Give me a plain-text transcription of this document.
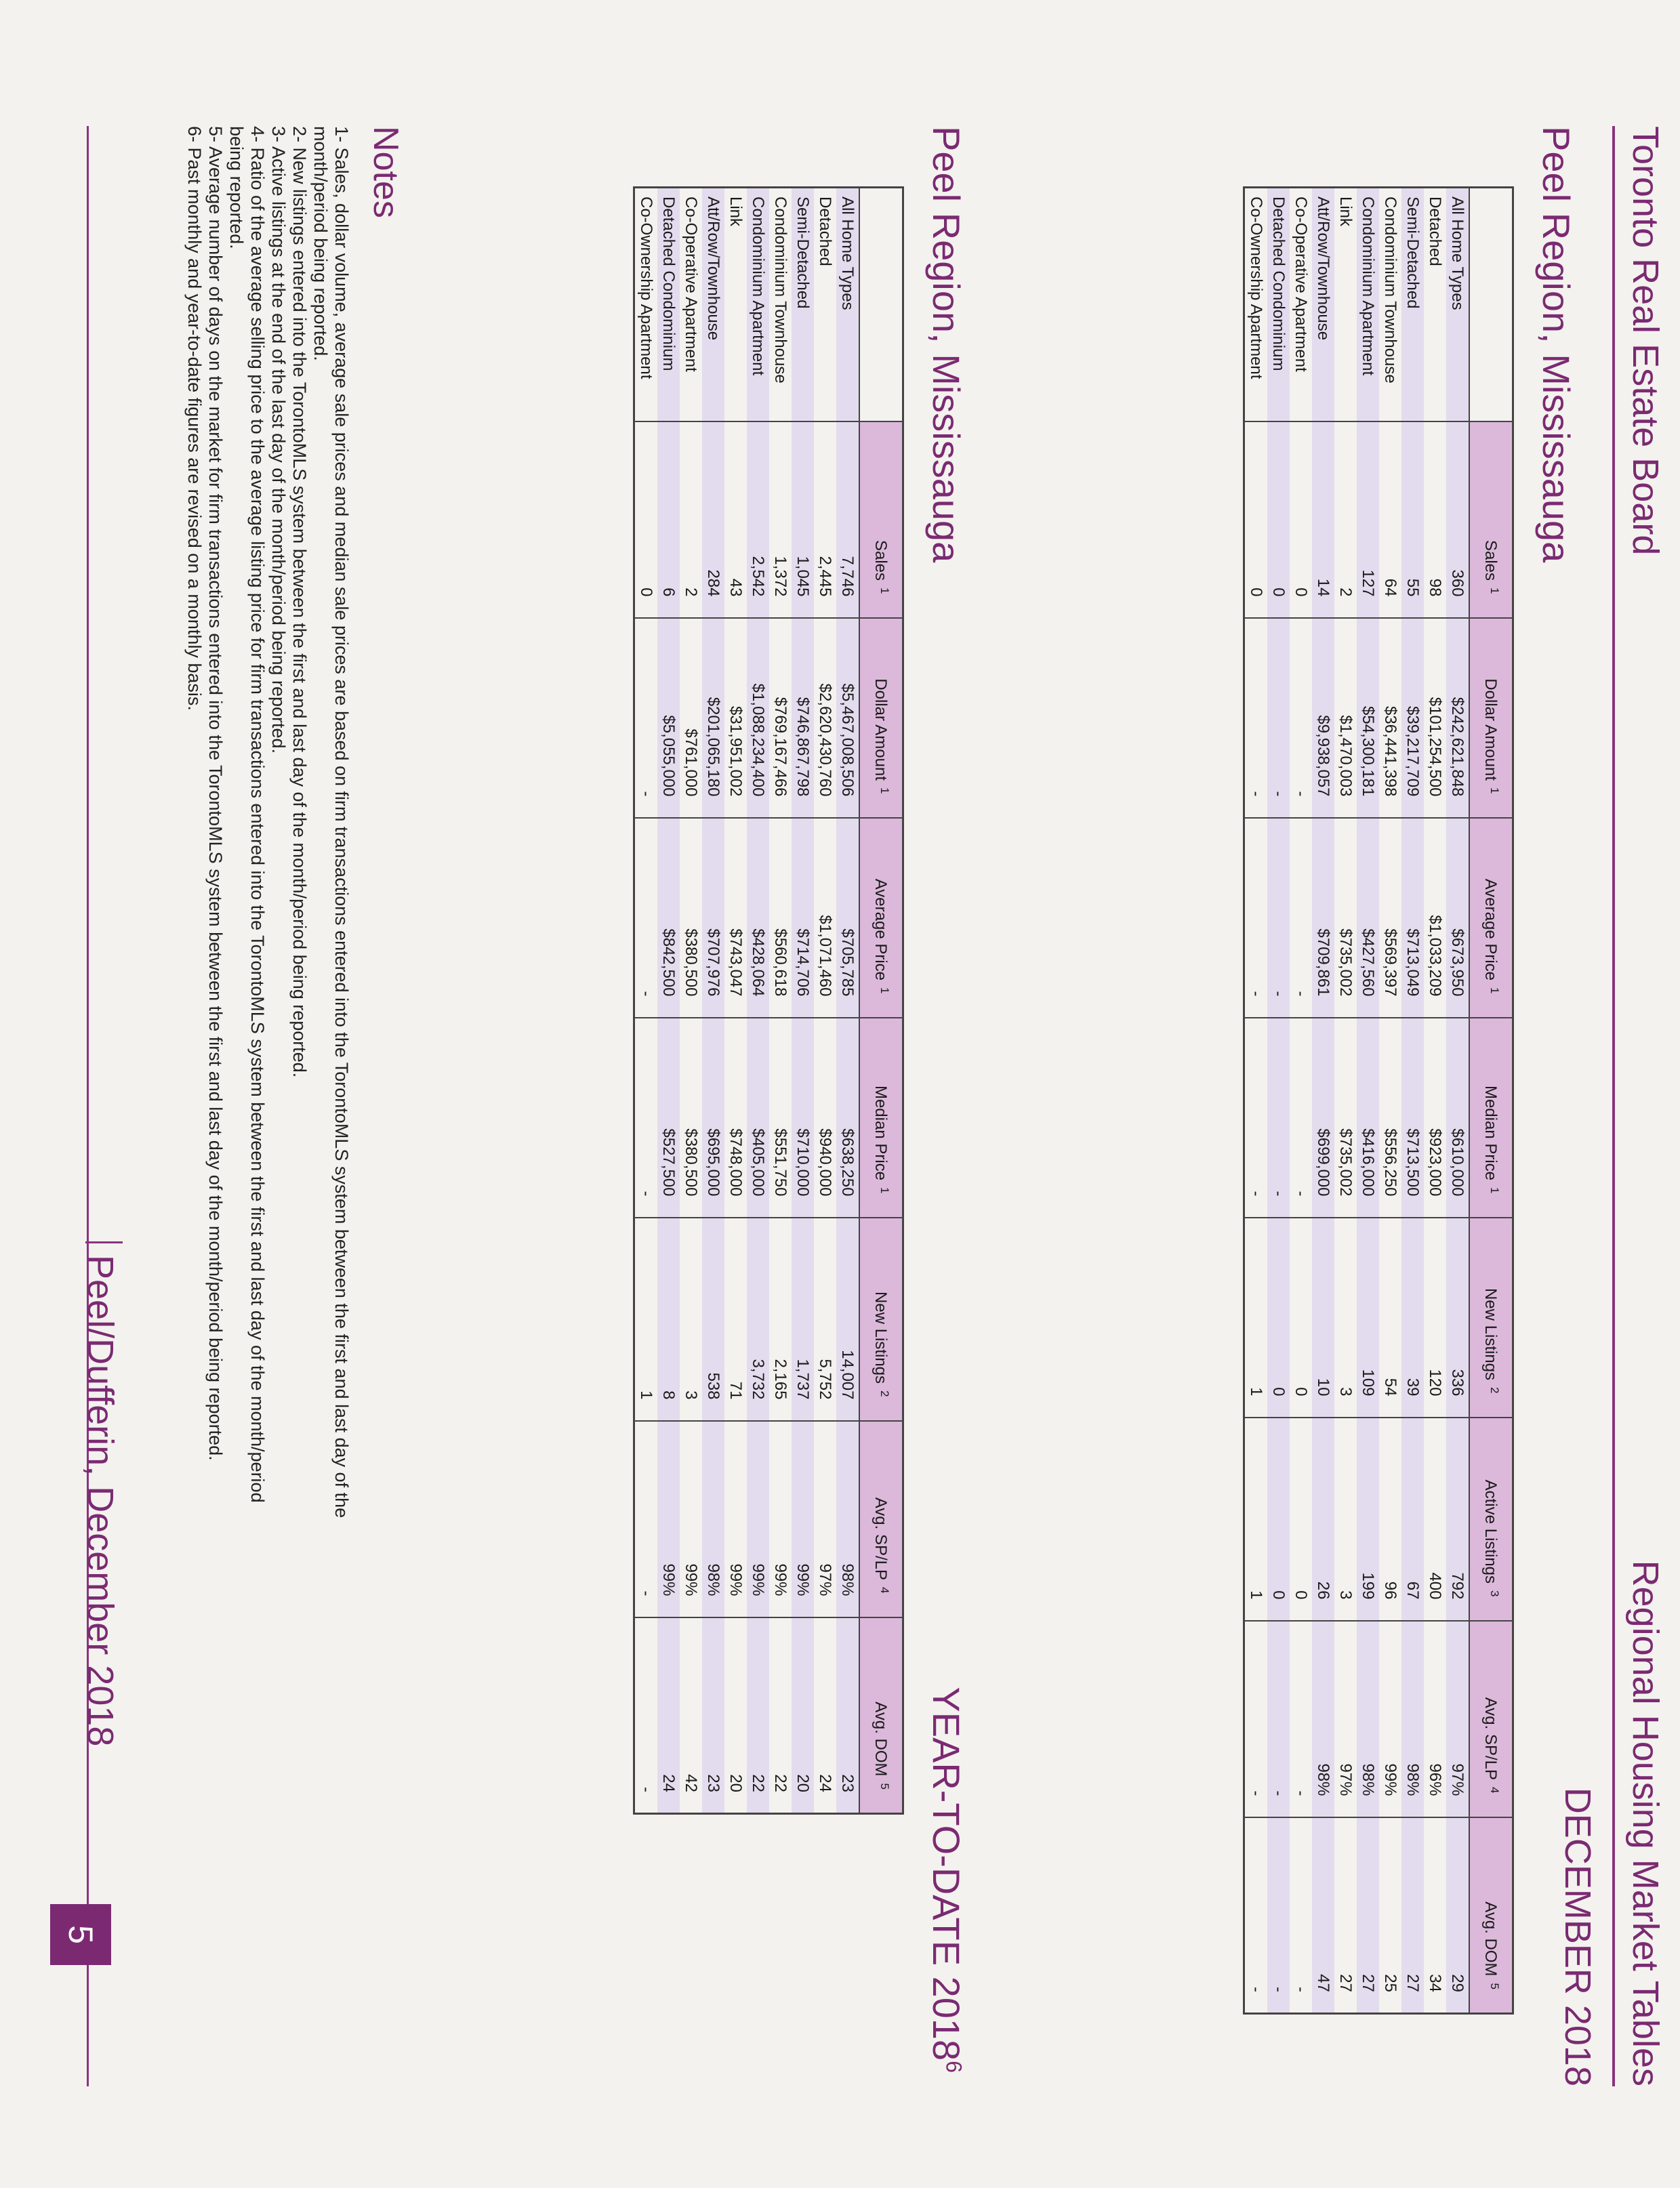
Toronto Real Estate Board
Regional Housing Market Tables
DECEMBER 2018
Peel Region, Mississauga
	Sales$^1$	Dollar Amount$^1$	Average Price$^1$	Median Price$^1$	New Listings$^2$	Active Listings$^3$	Avg. $SP/LP^4$	Avg. DOM$^5$
All Home Types	360	$242,621,848	$673,950	$610,000	336	792	97%	29
Detached	98	$101,254,500	$1,033,209	$923,000	120	400	96%	34
Semi-Detached	55	$39,217,709	$713,049	$713,500	39	67	98%	27
Condominium Townhouse	64	$36,441,398	$569,397	$556,250	54	96	99%	25
Condominium Apartment	127	$54,300,181	$427,560	$416,000	109	199	98%	27
Link	2	$1,470,003	$735,002	$735,002	3	3	97%	27
Att/Row/Townhouse	14	$9,938,057	$709,861	$699,000	10	26	98%	47
Co-Operative Apartment	0	-	-	-	0	0	-	-
Detached Condominium	0	-	-	-	0	0	-	-
Co-Ownership Apartment	0	-	-	-	1	1	-	-
Peel Region, Mississauga
YEAR-TO-DATE 2018$^6$
	Sales$^1$	Dollar Amount$^1$	Average Price$^1$	Median Price$^1$	New Listings$^2$	Avg. $SP/LP^4$	Avg. DOM$^5$
All Home Types	7,746	$5,467,008,506	$705,785	$638,250	14,007	98%	23
Detached	2,445	$2,620,430,760	$1,071,460	$940,000	5,752	97%	24
Semi-Detached	1,045	$746,867,798	$714,706	$710,000	1,737	99%	20
Condominium Townhouse	1,372	$769,167,466	$560,618	$551,750	2,165	99%	22
Condominium Apartment	2,542	$1,088,234,400	$428,064	$405,000	3,732	99%	22
Link	43	$31,951,002	$743,047	$748,000	71	99%	20
Att/Row/Townhouse	284	$201,065,180	$707,976	$695,000	538	98%	23
Co-Operative Apartment	2	$761,000	$380,500	$380,500	3	99%	42
Detached Condominium	6	$5,055,000	$842,500	$527,500	8	99%	24
Co-Ownership Apartment	0	-	-	-	1	-	-
Notes

1- Sales, dollar volume, average sale prices and median sale prices are based on firm transactions entered into the TorontoMLS system between the first and last day of the

month/period being reported.

2- New listings entered into the TorontoMLS system between the first and last day of the month/period being reported.

3- Active listings at the end of the last day of the month/period being reported.

4- Ratio of the average selling price to the average listing price for firm transactions entered into the TorontoMLS system between the first and last day of the month/period

being reported.

5- Average number of days on the market for firm transactions entered into the TorontoMLS system between the first and last day of the month/period being reported.

6- Past monthly and year-to-date figures are revised on a monthly basis.

Peel/Dufferin, December 2018
5
